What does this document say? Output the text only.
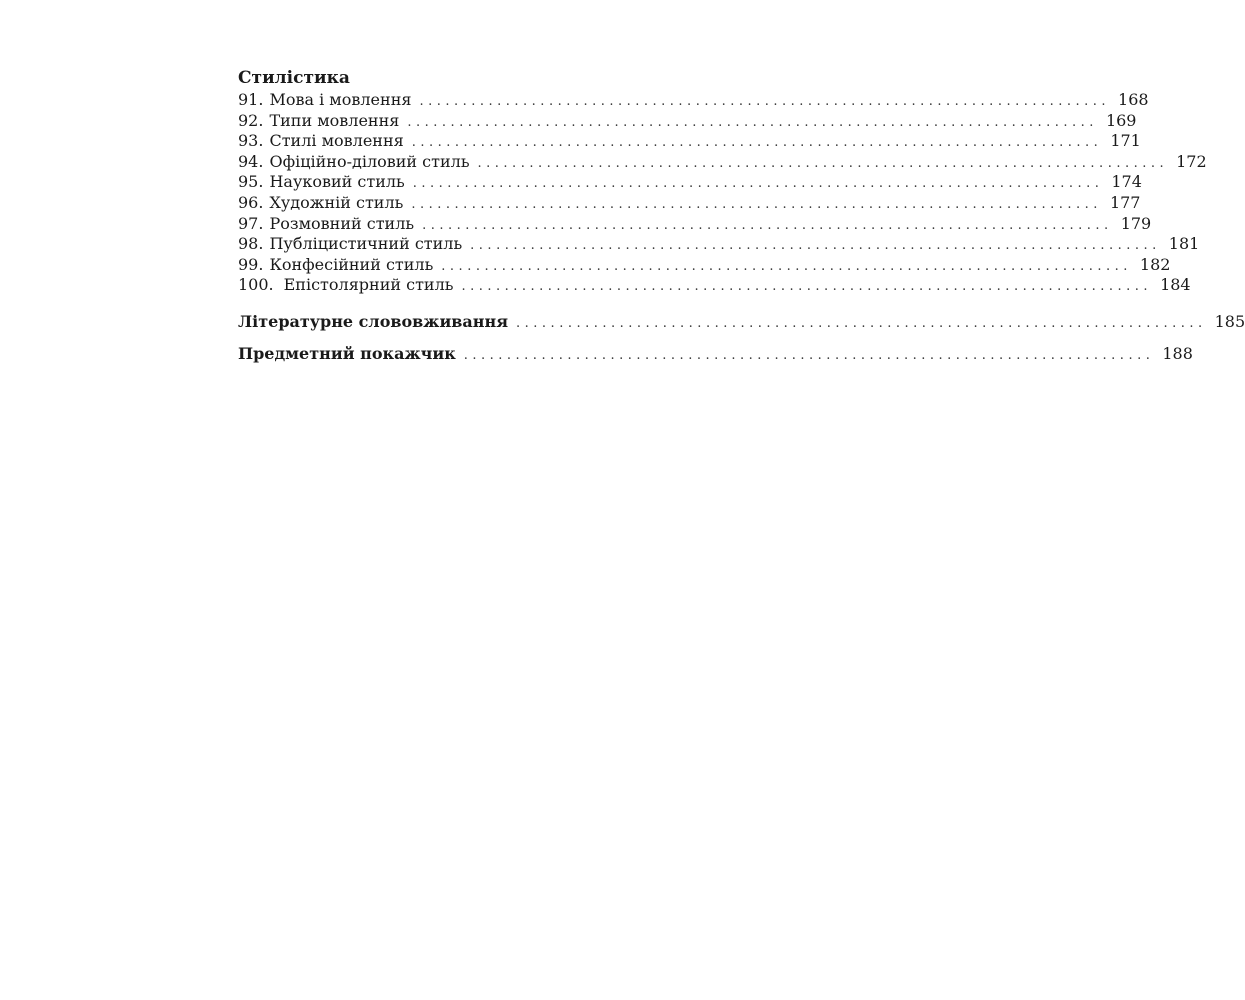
Стилістика
91. Мова і мовлення ................................................................................ 168
92. Типи мовлення ................................................................................ 169
93. Стилі мовлення ................................................................................ 171
94. Офіційно-діловий стиль ................................................................................ 172
95. Науковий стиль ................................................................................ 174
96. Художній стиль ................................................................................ 177
97. Розмовний стиль ................................................................................ 179
98. Публіцистичний стиль ................................................................................ 181
99. Конфесійний стиль ................................................................................ 182
100. Епістолярний стиль ................................................................................ 184
Літературне слововживання ................................................................................ 185
Предметний покажчик ................................................................................ 188
